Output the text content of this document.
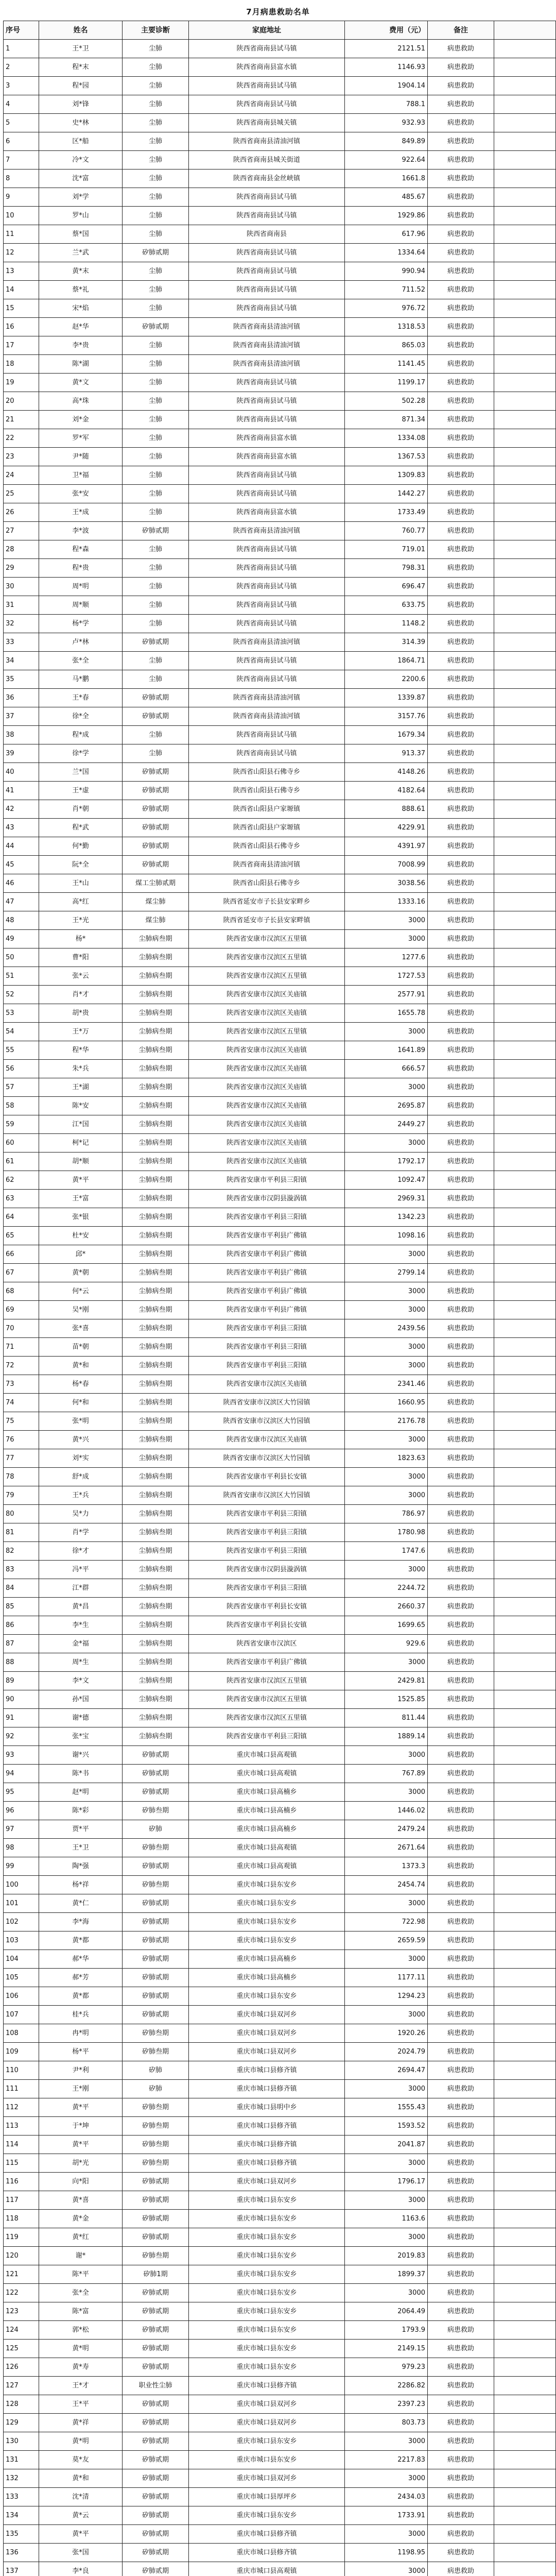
7月病患救助名单
序号	姓名	主要诊断	家庭地址	费用（元）	备注	
1	王*卫	尘肺	陕西省商南县试马镇	2121.51	病患救助	
2	程*末	尘肺	陕西省商南县富水镇	1146.93	病患救助	
3	程*园	尘肺	陕西省商南县试马镇	1904.14	病患救助	
4	刘*锋	尘肺	陕西省商南县试马镇	788.1	病患救助	
5	史*林	尘肺	陕西省商南县城关镇	932.93	病患救助	
6	区*船	尘肺	陕西省商南县清油河镇	849.89	病患救助	
7	冷*文	尘肺	陕西省商南县城关街道	922.64	病患救助	
8	沈*富	尘肺	陕西省商南县金丝峡镇	1661.8	病患救助	
9	刘*学	尘肺	陕西省商南县试马镇	485.67	病患救助	
10	罗*山	尘肺	陕西省商南县试马镇	1929.86	病患救助	
11	蔡*国	尘肺	陕西省商南县	617.96	病患救助	
12	兰*武	矽肺贰期	陕西省商南县试马镇	1334.64	病患救助	
13	黄*末	尘肺	陕西省商南县试马镇	990.94	病患救助	
14	蔡*礼	尘肺	陕西省商南县试马镇	711.52	病患救助	
15	宋*焰	尘肺	陕西省商南县试马镇	976.72	病患救助	
16	赵*华	矽肺贰期	陕西省商南县清油河镇	1318.53	病患救助	
17	李*贵	尘肺	陕西省商南县清油河镇	865.03	病患救助	
18	陈*湖	尘肺	陕西省商南县清油河镇	1141.45	病患救助	
19	黄*文	尘肺	陕西省商南县试马镇	1199.17	病患救助	
20	高*珠	尘肺	陕西省商南县试马镇	502.28	病患救助	
21	刘*金	尘肺	陕西省商南县试马镇	871.34	病患救助	
22	罗*军	尘肺	陕西省商南县富水镇	1334.08	病患救助	
23	尹*随	尘肺	陕西省商南县富水镇	1367.53	病患救助	
24	卫*福	尘肺	陕西省商南县试马镇	1309.83	病患救助	
25	张*安	尘肺	陕西省商南县试马镇	1442.27	病患救助	
26	王*成	尘肺	陕西省商南县富水镇	1733.49	病患救助	
27	李*波	矽肺贰期	陕西省商南县清油河镇	760.77	病患救助	
28	程*森	尘肺	陕西省商南县试马镇	719.01	病患救助	
29	程*贵	尘肺	陕西省商南县试马镇	798.31	病患救助	
30	周*明	尘肺	陕西省商南县试马镇	696.47	病患救助	
31	周*顺	尘肺	陕西省商南县试马镇	633.75	病患救助	
32	杨*学	尘肺	陕西省商南县试马镇	1148.2	病患救助	
33	卢*林	矽肺贰期	陕西省商南县清油河镇	314.39	病患救助	
34	张*全	尘肺	陕西省商南县试马镇	1864.71	病患救助	
35	马*鹏	尘肺	陕西省商南县试马镇	2200.6	病患救助	
36	王*春	矽肺贰期	陕西省商南县清油河镇	1339.87	病患救助	
37	徐*全	矽肺贰期	陕西省商南县清油河镇	3157.76	病患救助	
38	程*成	尘肺	陕西省商南县试马镇	1679.34	病患救助	
39	徐*学	尘肺	陕西省商南县试马镇	913.37	病患救助	
40	兰*国	矽肺贰期	陕西省山阳县石佛寺乡	4148.26	病患救助	
41	王*虚	矽肺贰期	陕西省山阳县石佛寺乡	4182.64	病患救助	
42	肖*朝	矽肺贰期	陕西省山阳县户家塬镇	888.61	病患救助	
43	程*武	矽肺贰期	陕西省山阳县户家塬镇	4229.91	病患救助	
44	何*勤	矽肺贰期	陕西省山阳县石佛寺乡	4391.97	病患救助	
45	阮*全	矽肺贰期	陕西省商南县清油河镇	7008.99	病患救助	
46	王*山	煤工尘肺贰期	陕西省山阳县石佛寺乡	3038.56	病患救助	
47	高*红	煤尘肺	陕西省延安市子长县安家畔乡	1333.16	病患救助	
48	王*光	煤尘肺	陕西省延安市子长县安家畔镇	3000	病患救助	
49	杨*	尘肺病叁期	陕西省安康市汉滨区五里镇	3000	病患救助	
50	曹*阳	尘肺病叁期	陕西省安康市汉滨区五里镇	1277.6	病患救助	
51	张*云	尘肺病叁期	陕西省安康市汉滨区五里镇	1727.53	病患救助	
52	肖*才	尘肺病叁期	陕西省安康市汉滨区关庙镇	2577.91	病患救助	
53	胡*贵	尘肺病叁期	陕西省安康市汉滨区关庙镇	1655.78	病患救助	
54	王*万	尘肺病叁期	陕西省安康市汉滨区五里镇	3000	病患救助	
55	程*华	尘肺病叁期	陕西省安康市汉滨区关庙镇	1641.89	病患救助	
56	朱*兵	尘肺病叁期	陕西省安康市汉滨区关庙镇	666.57	病患救助	
57	王*湖	尘肺病叁期	陕西省安康市汉滨区关庙镇	3000	病患救助	
58	陈*安	尘肺病叁期	陕西省安康市汉滨区关庙镇	2695.87	病患救助	
59	江*国	尘肺病叁期	陕西省安康市汉滨区关庙镇	2449.27	病患救助	
60	柯*记	尘肺病叁期	陕西省安康市汉滨区关庙镇	3000	病患救助	
61	胡*顺	尘肺病叁期	陕西省安康市汉滨区关庙镇	1792.17	病患救助	
62	黄*平	尘肺病叁期	陕西省安康市平利县三阳镇	1092.47	病患救助	
63	王*富	尘肺病叁期	陕西省安康市汉阴县漩涡镇	2969.31	病患救助	
64	张*银	尘肺病叁期	陕西省安康市平利县三阳镇	1342.23	病患救助	
65	杜*安	尘肺病叁期	陕西省安康市平利县广佛镇	1098.16	病患救助	
66	邱*	尘肺病叁期	陕西省安康市平利县广佛镇	3000	病患救助	
67	黄*朝	尘肺病叁期	陕西省安康市平利县广佛镇	2799.14	病患救助	
68	何*云	尘肺病叁期	陕西省安康市平利县广佛镇	3000	病患救助	
69	吴*刚	尘肺病叁期	陕西省安康市平利县广佛镇	3000	病患救助	
70	张*喜	尘肺病叁期	陕西省安康市平利县三阳镇	2439.56	病患救助	
71	苗*朝	尘肺病叁期	陕西省安康市平利县三阳镇	3000	病患救助	
72	黄*和	尘肺病叁期	陕西省安康市平利县三阳镇	3000	病患救助	
73	杨*春	尘肺病叁期	陕西省安康市汉滨区关庙镇	2341.46	病患救助	
74	何*和	尘肺病叁期	陕西省安康市汉滨区大竹园镇	1660.95	病患救助	
75	张*明	尘肺病叁期	陕西省安康市汉滨区大竹园镇	2176.78	病患救助	
76	黄*兴	尘肺病叁期	陕西省安康市汉滨区关庙镇	3000	病患救助	
77	刘*实	尘肺病叁期	陕西省安康市汉滨区大竹园镇	1823.63	病患救助	
78	舒*成	尘肺病叁期	陕西省安康市平利县长安镇	3000	病患救助	
79	王*兵	尘肺病叁期	陕西省安康市汉滨区大竹园镇	3000	病患救助	
80	吴*力	尘肺病叁期	陕西省安康市平利县三阳镇	786.97	病患救助	
81	肖*学	尘肺病叁期	陕西省安康市平利县三阳镇	1780.98	病患救助	
82	徐*才	尘肺病叁期	陕西省安康市平利县三阳镇	1747.6	病患救助	
83	冯*平	尘肺病叁期	陕西省安康市汉阴县漩涡镇	3000	病患救助	
84	江*群	尘肺病叁期	陕西省安康市平利县三阳镇	2244.72	病患救助	
85	黄*昌	尘肺病叁期	陕西省安康市平利县长安镇	2660.37	病患救助	
86	李*生	尘肺病叁期	陕西省安康市平利县长安镇	1699.65	病患救助	
87	金*福	尘肺病叁期	陕西省安康市汉滨区	929.6	病患救助	
88	周*生	尘肺病叁期	陕西省安康市平利县广佛镇	3000	病患救助	
89	李*文	尘肺病叁期	陕西省安康市汉滨区五里镇	2429.81	病患救助	
90	孙*国	尘肺病叁期	陕西省安康市汉滨区五里镇	1525.85	病患救助	
91	谢*德	尘肺病叁期	陕西省安康市汉滨区五里镇	811.44	病患救助	
92	张*宝	尘肺病叁期	陕西省安康市平利县三阳镇	1889.14	病患救助	
93	谢*兴	矽肺贰期	重庆市城口县高观镇	3000	病患救助	
94	陈*书	矽肺贰期	重庆市城口县高观镇	767.89	病患救助	
95	赵*明	矽肺贰期	重庆市城口县高楠乡	3000	病患救助	
96	陈*彩	矽肺叁期	重庆市城口县高楠乡	1446.02	病患救助	
97	贾*平	矽肺	重庆市城口县高楠乡	2479.24	病患救助	
98	王*卫	矽肺叁期	重庆市城口县高观镇	2671.64	病患救助	
99	陶*强	矽肺贰期	重庆市城口县高观镇	1373.3	病患救助	
100	杨*祥	矽肺叁期	重庆市城口县东安乡	2454.74	病患救助	
101	黄*仁	矽肺贰期	重庆市城口县东安乡	3000	病患救助	
102	李*海	矽肺贰期	重庆市城口县东安乡	722.98	病患救助	
103	黄*都	矽肺贰期	重庆市城口县东安乡	2659.59	病患救助	
104	郝*华	矽肺贰期	重庆市城口县高楠乡	3000	病患救助	
105	郝*芳	矽肺贰期	重庆市城口县高楠乡	1177.11	病患救助	
106	黄*都	矽肺贰期	重庆市城口县东安乡	1294.23	病患救助	
107	桂*兵	矽肺贰期	重庆市城口县双河乡	3000	病患救助	
108	冉*明	矽肺叁期	重庆市城口县双河乡	1920.26	病患救助	
109	杨*平	矽肺叁期	重庆市城口县双河乡	2024.79	病患救助	
110	尹*利	矽肺	重庆市城口县修齐镇	2694.47	病患救助	
111	王*刚	矽肺	重庆市城口县修齐镇	3000	病患救助	
112	黄*平	矽肺叁期	重庆市城口县明中乡	1555.43	病患救助	
113	于*坤	矽肺叁期	重庆市城口县修齐镇	1593.52	病患救助	
114	黄*平	矽肺叁期	重庆市城口县修齐镇	2041.87	病患救助	
115	胡*光	矽肺叁期	重庆市城口县修齐镇	3000	病患救助	
116	向*阳	矽肺贰期	重庆市城口县双河乡	1796.17	病患救助	
117	黄*喜	矽肺贰期	重庆市城口县东安乡	3000	病患救助	
118	黄*金	矽肺贰期	重庆市城口县东安乡	1163.6	病患救助	
119	黄*红	矽肺贰期	重庆市城口县东安乡	3000	病患救助	
120	谢*	矽肺叁期	重庆市城口县东安乡	2019.83	病患救助	
121	陈*平	矽肺1期	重庆市城口县东安乡	1899.37	病患救助	
122	张*全	矽肺贰期	重庆市城口县东安乡	3000	病患救助	
123	陈*富	矽肺贰期	重庆市城口县东安乡	2064.49	病患救助	
124	郭*松	矽肺贰期	重庆市城口县东安乡	1793.9	病患救助	
125	黄*明	矽肺贰期	重庆市城口县东安乡	2149.15	病患救助	
126	黄*寿	矽肺贰期	重庆市城口县东安乡	979.23	病患救助	
127	王*才	职业性尘肺	重庆市城口县修齐镇	2286.82	病患救助	
128	王*平	矽肺贰期	重庆市城口县双河乡	2397.23	病患救助	
129	黄*祥	矽肺贰期	重庆市城口县双河乡	803.73	病患救助	
130	黄*明	矽肺贰期	重庆市城口县东安乡	3000	病患救助	
131	莫*友	矽肺贰期	重庆市城口县东安乡	2217.83	病患救助	
132	黄*和	矽肺贰期	重庆市城口县双河乡	3000	病患救助	
133	沈*清	矽肺贰期	重庆市城口县厚坪乡	2434.03	病患救助	
134	黄*云	矽肺贰期	重庆市城口县东安乡	1733.91	病患救助	
135	黄*平	矽肺贰期	重庆市城口县修齐镇	3000	病患救助	
136	张*国	矽肺贰期	重庆市城口县修齐镇	1198.95	病患救助	
137	李*良	矽肺贰期	重庆市城口县高观镇	3000	病患救助	
